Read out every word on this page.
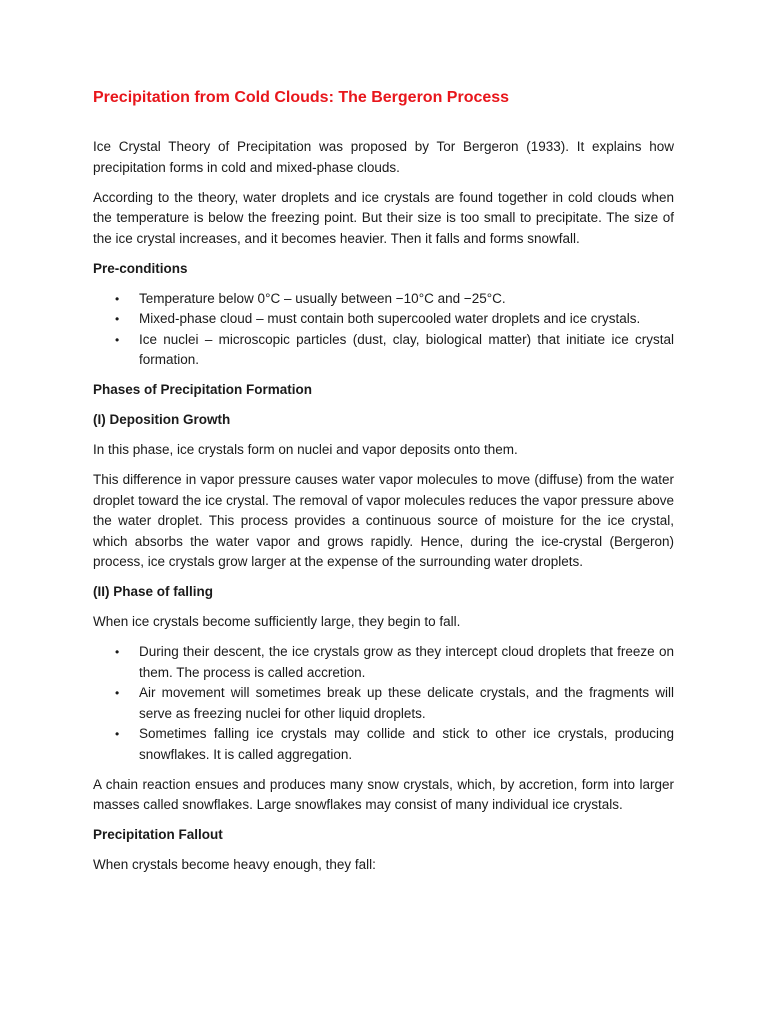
Precipitation from Cold Clouds: The Bergeron Process

Ice Crystal Theory of Precipitation was proposed by Tor Bergeron (1933). It explains how precipitation forms in cold and mixed-phase clouds.

According to the theory, water droplets and ice crystals are found together in cold clouds when the temperature is below the freezing point. But their size is too small to precipitate. The size of the ice crystal increases, and it becomes heavier. Then it falls and forms snowfall.

Pre-conditions
• Temperature below 0°C – usually between −10°C and −25°C.
• Mixed-phase cloud – must contain both supercooled water droplets and ice crystals.
• Ice nuclei – microscopic particles (dust, clay, biological matter) that initiate ice crystal formation.
Phases of Precipitation Formation
(I) Deposition Growth

In this phase, ice crystals form on nuclei and vapor deposits onto them.

This difference in vapor pressure causes water vapor molecules to move (diffuse) from the water droplet toward the ice crystal. The removal of vapor molecules reduces the vapor pressure above the water droplet. This process provides a continuous source of moisture for the ice crystal, which absorbs the water vapor and grows rapidly. Hence, during the ice-crystal (Bergeron) process, ice crystals grow larger at the expense of the surrounding water droplets.

(II) Phase of falling

When ice crystals become sufficiently large, they begin to fall.

• During their descent, the ice crystals grow as they intercept cloud droplets that freeze on them. The process is called accretion.
• Air movement will sometimes break up these delicate crystals, and the fragments will serve as freezing nuclei for other liquid droplets.
• Sometimes falling ice crystals may collide and stick to other ice crystals, producing snowflakes. It is called aggregation.

A chain reaction ensues and produces many snow crystals, which, by accretion, form into larger masses called snowflakes. Large snowflakes may consist of many individual ice crystals.

Precipitation Fallout

When crystals become heavy enough, they fall:
